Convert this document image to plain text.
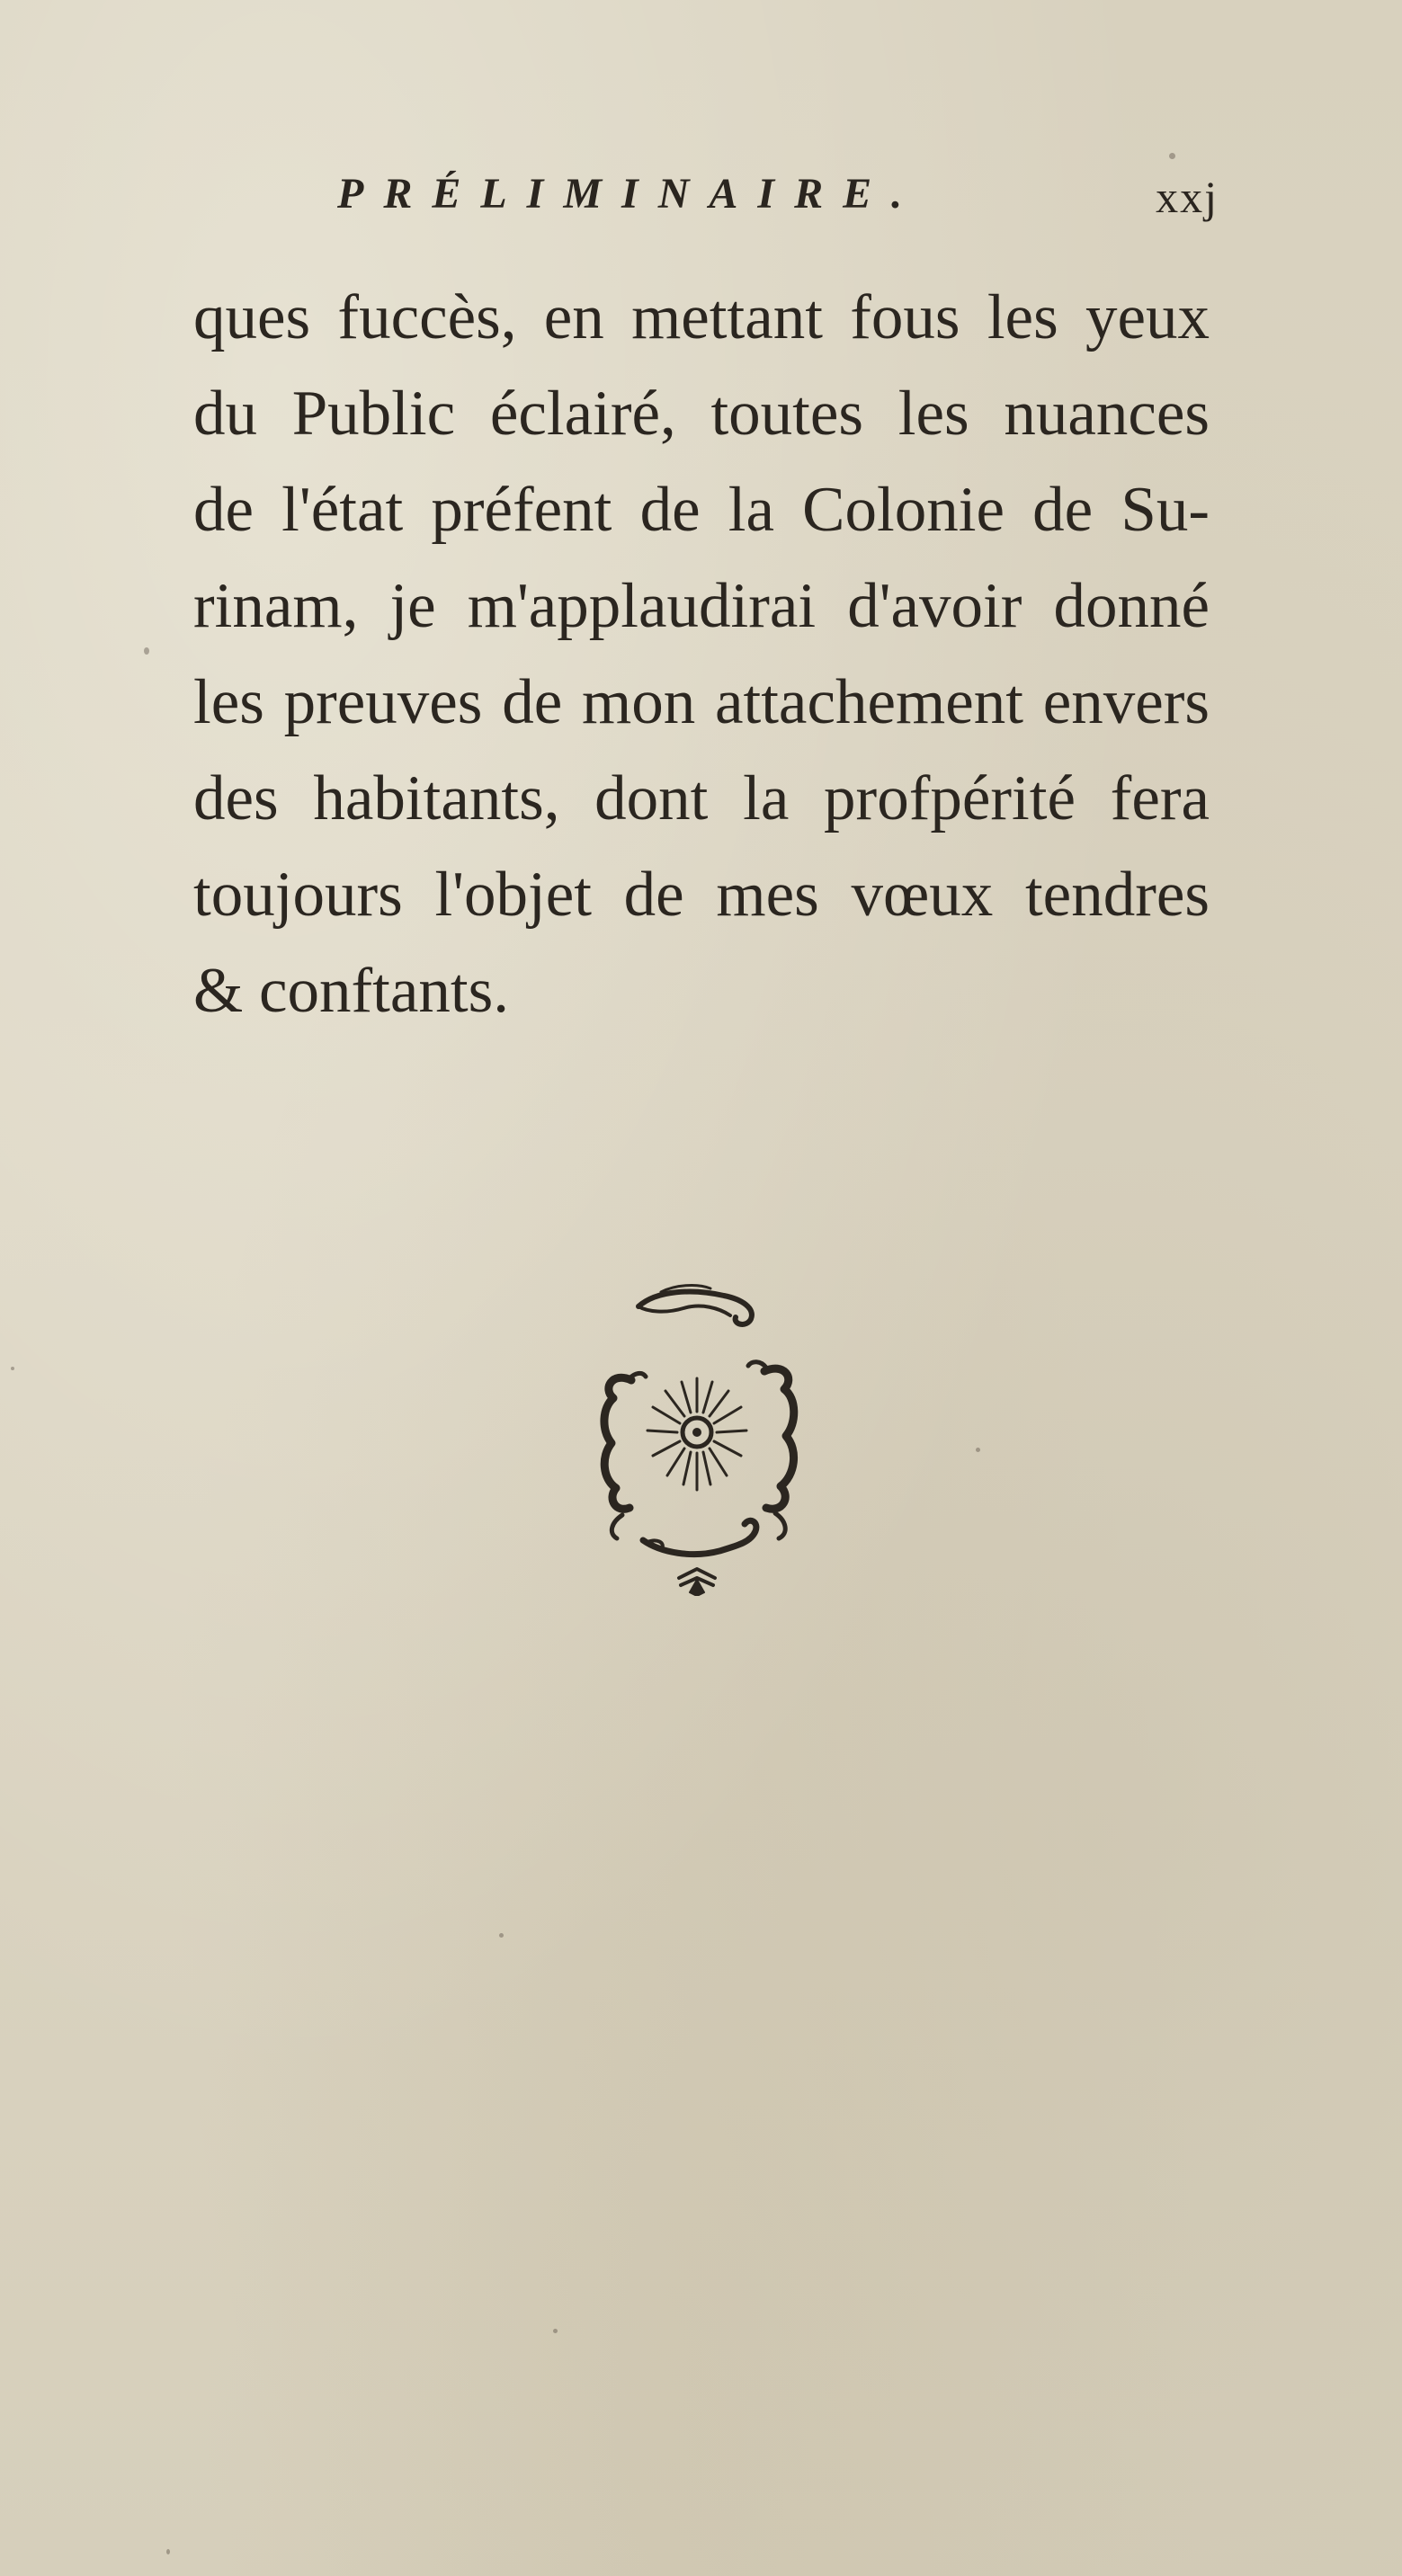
PRÉLIMINAIRE.	xxj
ques fuccès, en mettant fous les yeux
du Public éclairé, toutes les nuances
de l'état préfent de la Colonie de Su-
rinam, je m'applaudirai d'avoir donné
les preuves de mon attachement envers
des habitants, dont la profpérité fera
toujours l'objet de mes vœux tendres
& conftants.
